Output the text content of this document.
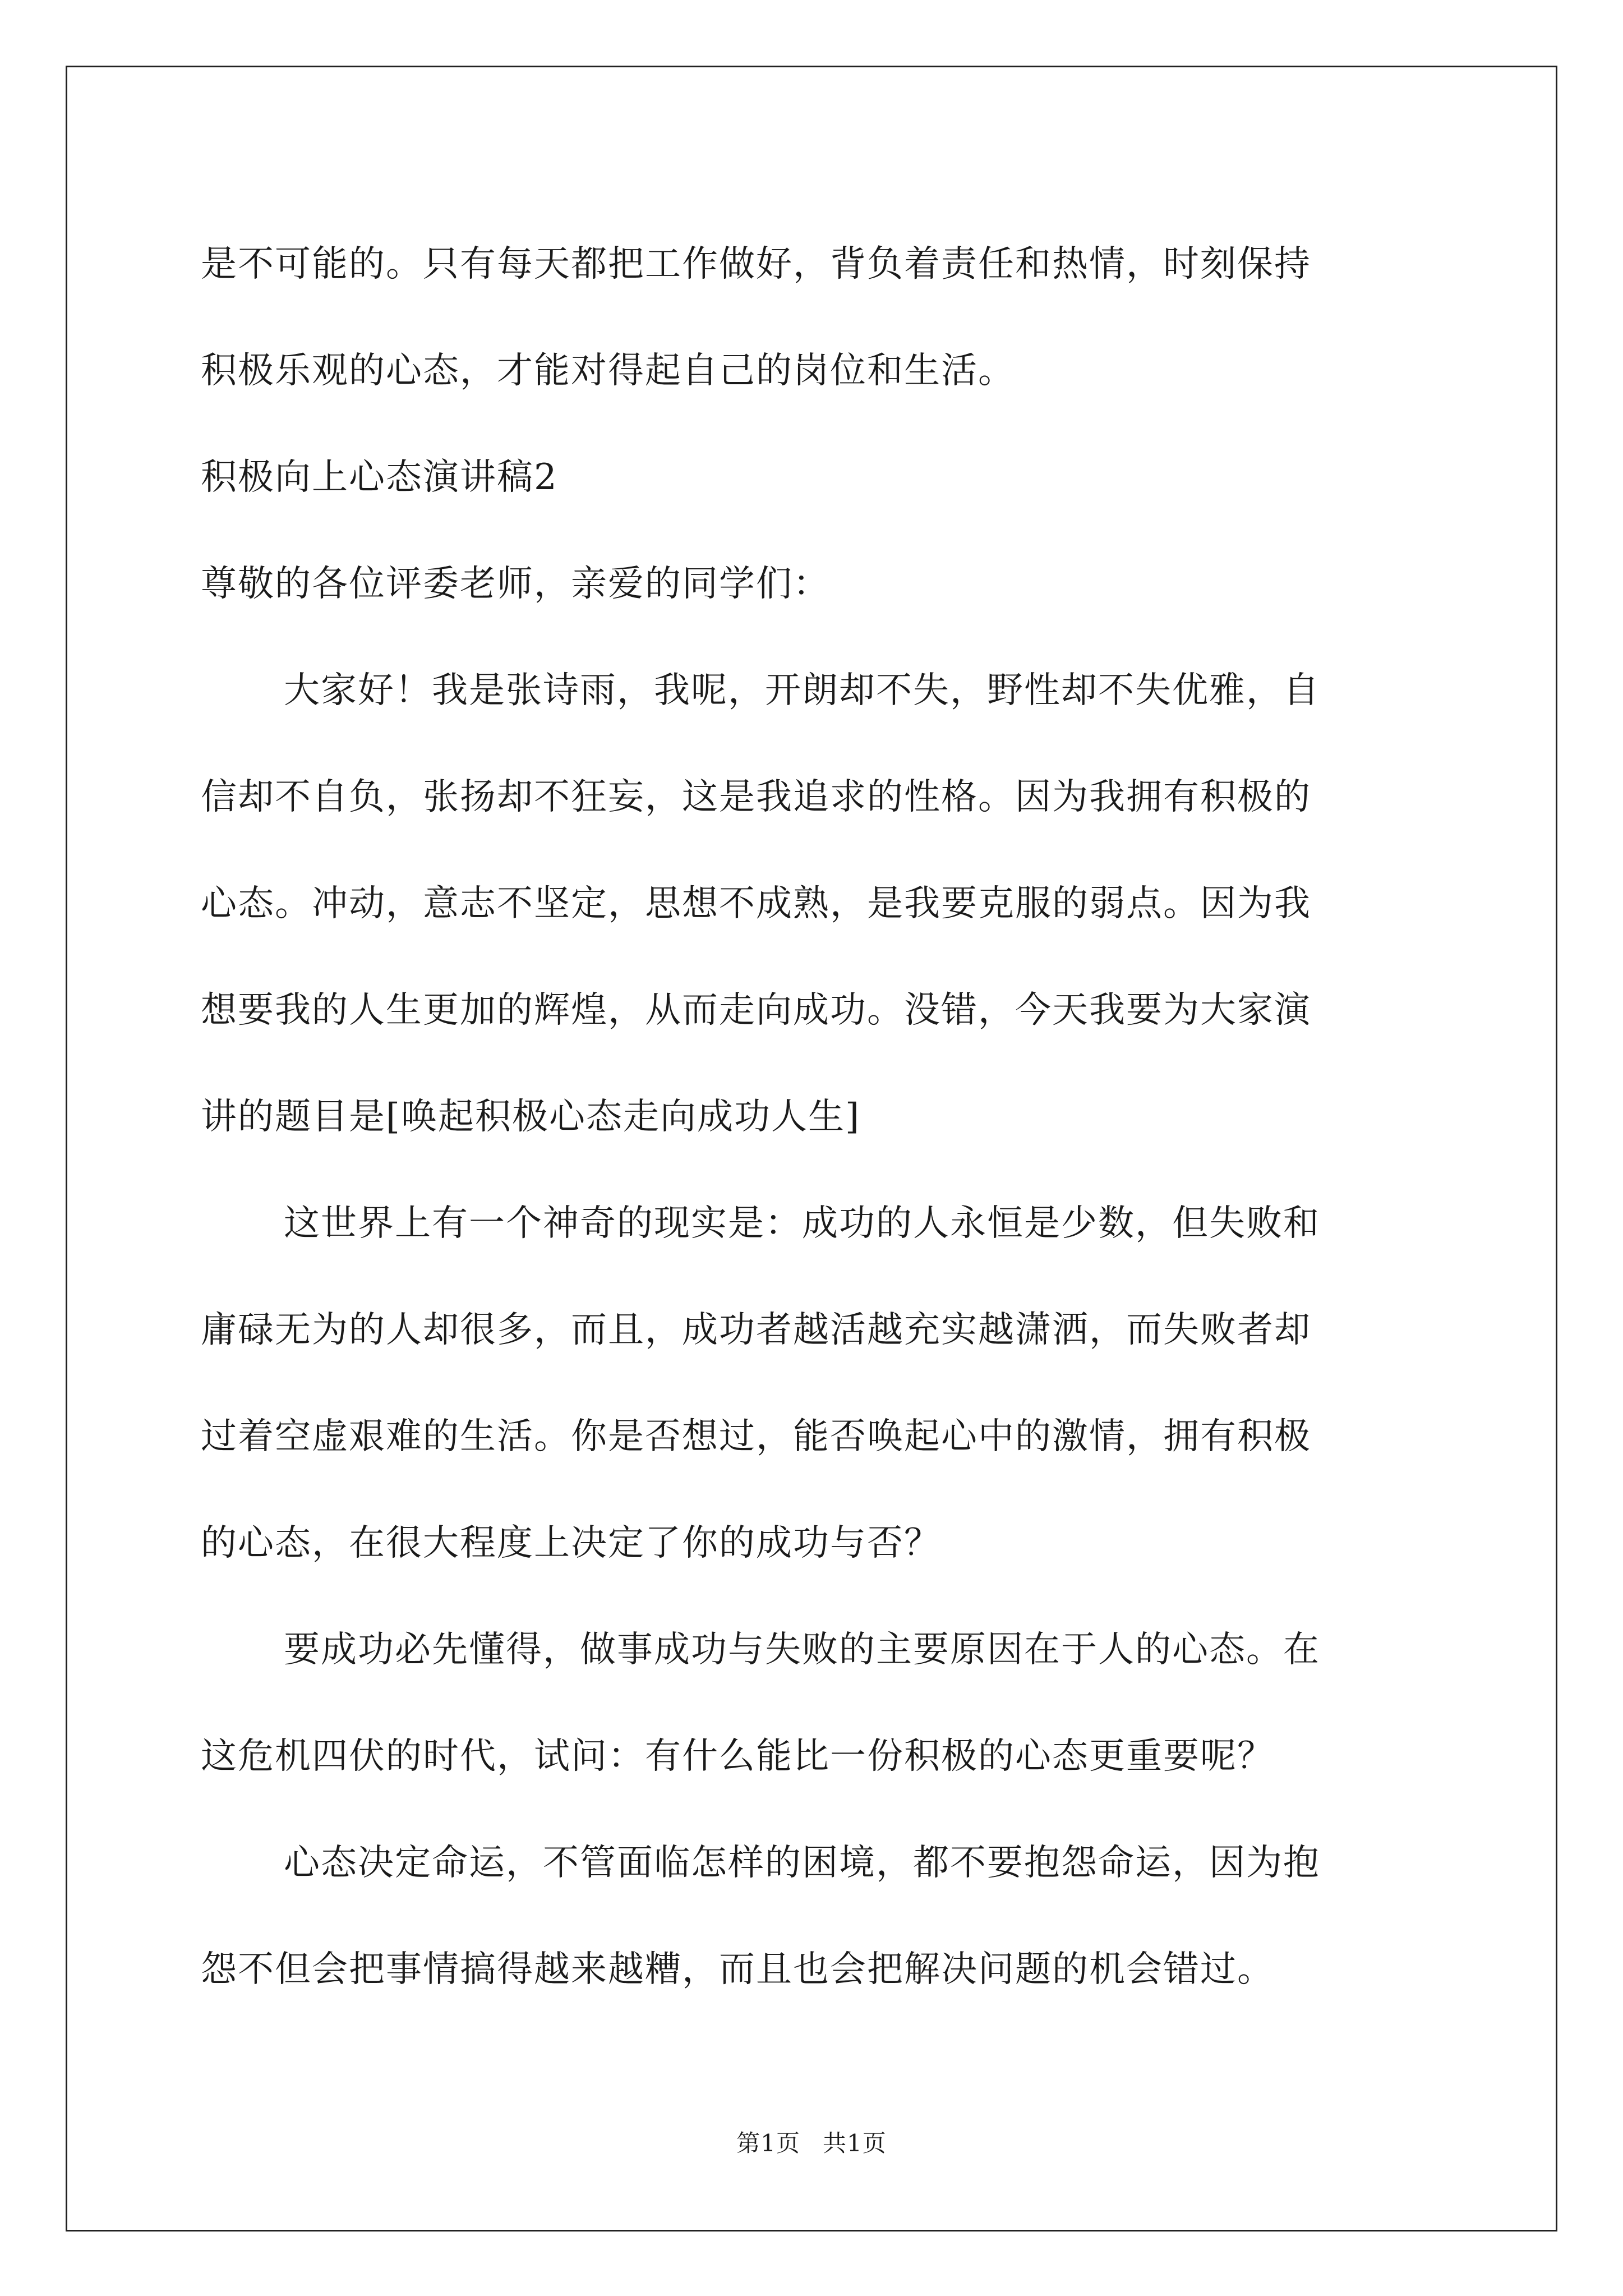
是不可能的。只有每天都把工作做好，背负着责任和热情，时刻保持
积极乐观的心态，才能对得起自己的岗位和生活。
积极向上心态演讲稿2
尊敬的各位评委老师，亲爱的同学们：
大家好！我是张诗雨，我呢，开朗却不失，野性却不失优雅，自
信却不自负，张扬却不狂妄，这是我追求的性格。因为我拥有积极的
心态。冲动，意志不坚定，思想不成熟，是我要克服的弱点。因为我
想要我的人生更加的辉煌，从而走向成功。没错，今天我要为大家演
讲的题目是[唤起积极心态走向成功人生]
这世界上有一个神奇的现实是：成功的人永恒是少数，但失败和
庸碌无为的人却很多，而且，成功者越活越充实越潇洒，而失败者却
过着空虚艰难的生活。你是否想过，能否唤起心中的激情，拥有积极
的心态，在很大程度上决定了你的成功与否？
要成功必先懂得，做事成功与失败的主要原因在于人的心态。在
这危机四伏的时代，试问：有什么能比一份积极的心态更重要呢？
心态决定命运，不管面临怎样的困境，都不要抱怨命运，因为抱
怨不但会把事情搞得越来越糟，而且也会把解决问题的机会错过。
第1页 共1页
